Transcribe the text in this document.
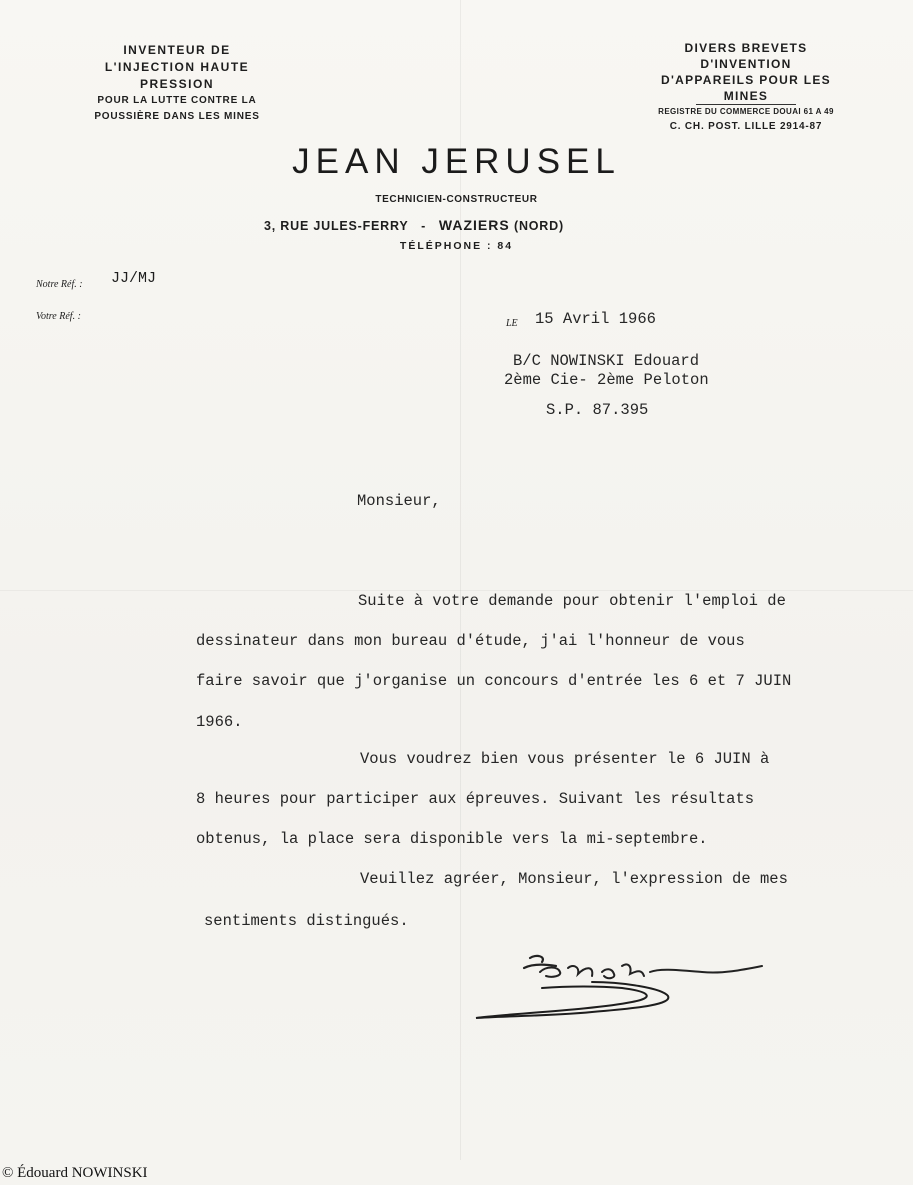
INVENTEUR DE
L'INJECTION HAUTE
PRESSION
POUR LA LUTTE CONTRE LA
POUSSIÈRE DANS LES MINES
DIVERS BREVETS
D'INVENTION
D'APPAREILS POUR LES
MINES
REGISTRE DU COMMERCE DOUAI 61 A 49
C. CH. POST. LILLE 2914-87
JEAN JERUSEL
TECHNICIEN-CONSTRUCTEUR
3, RUE JULES-FERRY - WAZIERS (NORD)
TÉLÉPHONE : 84
Notre Réf. : JJ/MJ
Votre Réf. :
LE 15 Avril 1966
B/C NOWINSKI Edouard
2ème Cie- 2ème Peloton
S.P. 87.395
Monsieur,
Suite à votre demande pour obtenir l'emploi de
dessinateur dans mon bureau d'étude, j'ai l'honneur de vous
faire savoir que j'organise un concours d'entrée les 6 et 7 JUIN
1966.
Vous voudrez bien vous présenter le 6 JUIN à
8 heures pour participer aux épreuves. Suivant les résultats
obtenus, la place sera disponible vers la mi-septembre.
Veuillez agréer, Monsieur, l'expression de mes
sentiments distingués.
© Édouard NOWINSKI
